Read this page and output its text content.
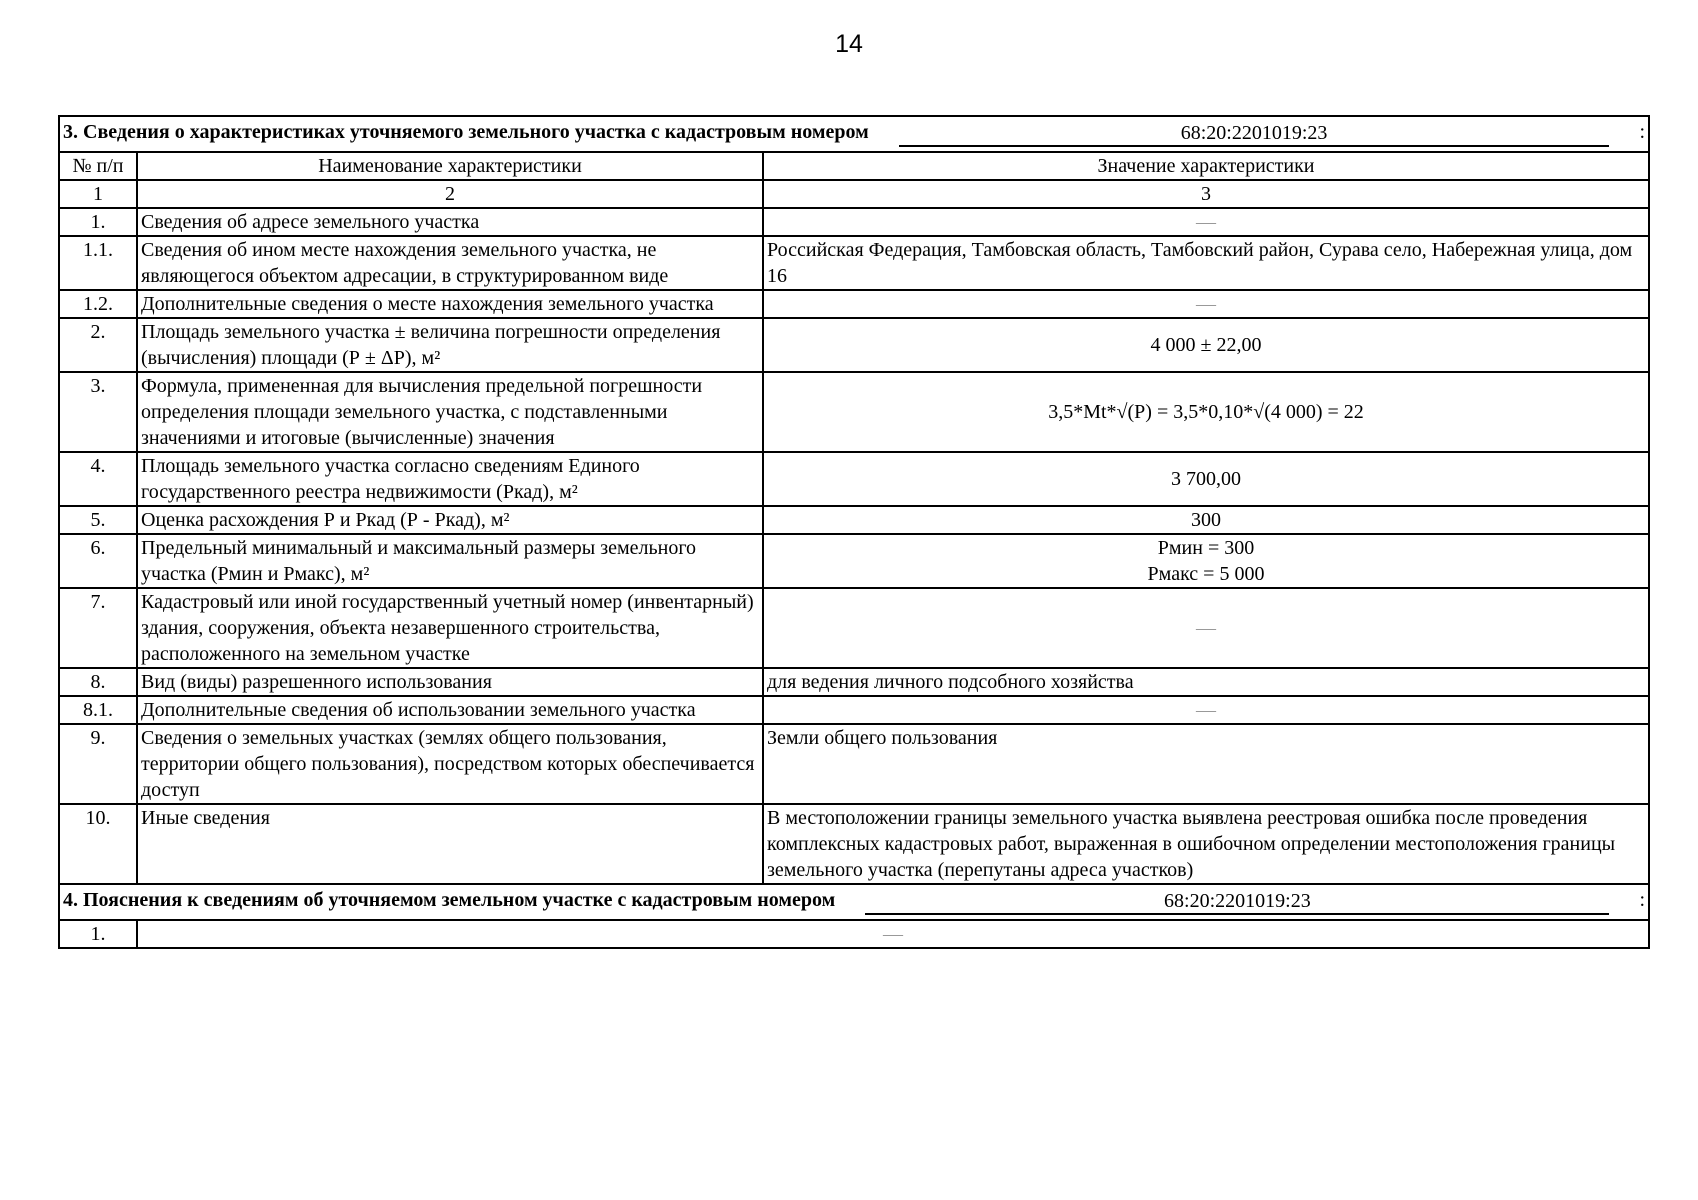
14
3. Сведения о характеристиках уточняемого земельного участка с кадастровым номером 68:20:2201019:23 :		

№ п/п	Наименование характеристики	Значение характеристики
1	2	3
1.	Сведения об адресе земельного участка	—
1.1.	Сведения об ином месте нахождения земельного участка, не являющегося объектом адресации, в структурированном виде	Российская Федерация, Тамбовская область, Тамбовский район, Сурава село, Набережная улица, дом 16
1.2.	Дополнительные сведения о месте нахождения земельного участка	—
2.	Площадь земельного участка ± величина погрешности определения (вычисления) площади (Р ± ΔР), м²	4 000 ± 22,00
3.	Формула, примененная для вычисления предельной погрешности определения площади земельного участка, с подставленными значениями и итоговые (вычисленные) значения	3,5*Mt*√(P) = 3,5*0,10*√(4 000) = 22
4.	Площадь земельного участка согласно сведениям Единого государственного реестра недвижимости (Ркад), м²	3 700,00
5.	Оценка расхождения Р и Ркад (Р - Ркад), м²	300
6.	Предельный минимальный и максимальный размеры земельного участка (Рмин и Рмакс), м²	Рмин = 300
Рмакс = 5 000

7.	Кадастровый или иной государственный учетный номер (инвентарный) здания, сооружения, объекта незавершенного строительства, расположенного на земельном участке	—
8.	Вид (виды) разрешенного использования	для ведения личного подсобного хозяйства
8.1.	Дополнительные сведения об использовании земельного участка	—
9.	Сведения о земельных участках (землях общего пользования, территории общего пользования), посредством которых обеспечивается доступ	Земли общего пользования
10.	Иные сведения	В местоположении границы земельного участка выявлена реестровая ошибка после проведения комплексных кадастровых работ, выраженная в ошибочном определении местоположения границы земельного участка (перепутаны адреса участков)

4. Пояснения к сведениям об уточняемом земельном участке с кадастровым номером 68:20:2201019:23 :		

1.	—	
